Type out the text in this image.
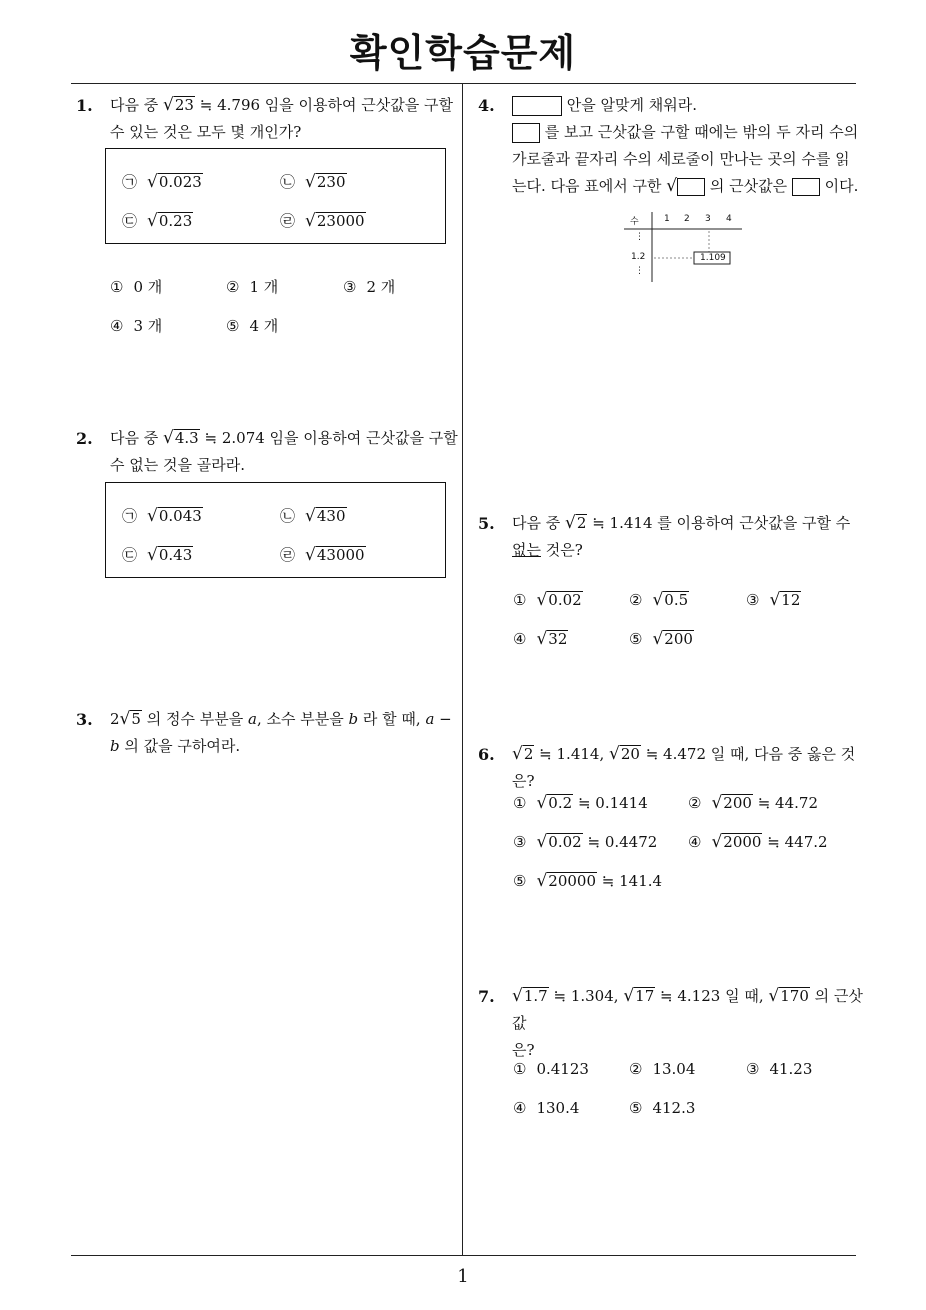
확인학습문제
1
1. 다음 중 √23 ≒ 4.796 임을 이용하여 근삿값을 구할 수 있는 것은 모두 몇 개인가?
㉠ √0.023	㉡ √230
㉢ √0.23	㉣ √23000
① 0 개	② 1 개	③ 2 개
④ 3 개	⑤ 4 개
2. 다음 중 √4.3 ≒ 2.074 임을 이용하여 근삿값을 구할 수 없는 것을 골라라.
㉠ √0.043	㉡ √430
㉢ √0.43	㉣ √43000
3. 2√5 의 정수 부분을 a, 소수 부분을 b 라 할 때, a − b 의 값을 구하여라.
4.	안을 알맞게 채워라.
를 보고 근삿값을 구할 때에는 밖의 두 자리 수의 가로줄과 끝자리 수의 세로줄이 만나는 곳의 수를 읽는다. 다음 표에서 구한 √ 의 근삿값은	이다.
수	1 2 3 4
⋮
1.2	1.109
⋮
5. 다음 중 √2 ≒ 1.414 를 이용하여 근삿값을 구할 수
없는 것은?
① √0.02	② √0.5	③ √12
④ √32	⑤ √200
6. √2 ≒ 1.414, √20 ≒ 4.472 일 때, 다음 중 옳은 것은?
① √0.2 ≒ 0.1414	② √200 ≒ 44.72
③ √0.02 ≒ 0.4472 ④ √2000 ≒ 447.2
⑤ √20000 ≒ 141.4
7. √1.7 ≒ 1.304, √17 ≒ 4.123 일 때, √170 의 근삿값
은?
① 0.4123	② 13.04	③ 41.23
④ 130.4	⑤ 412.3
